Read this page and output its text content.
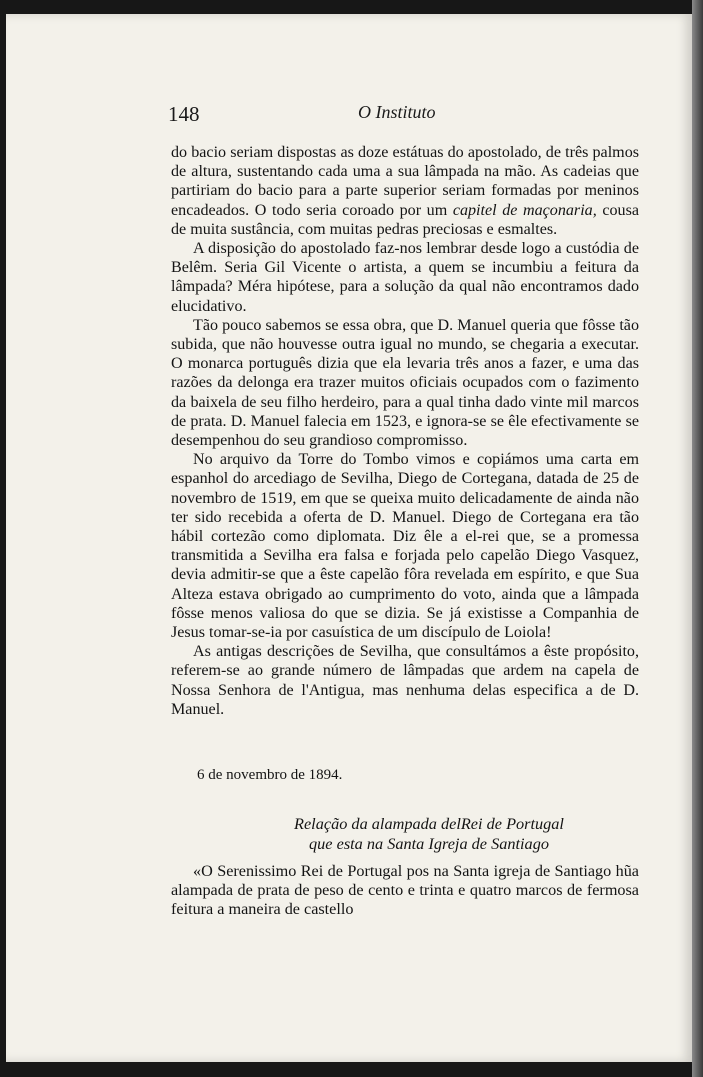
148	O Instituto

do bacio seriam dispostas as doze estátuas do apostolado, de três palmos de altura, sustentando cada uma a sua lâmpada na mão. As cadeias que partiriam do bacio para a parte superior seriam formadas por meninos encadeados. O todo seria coroado por um capitel de maçonaria, cousa de muita sustância, com muitas pedras preciosas e esmaltes.

A disposição do apostolado faz-nos lembrar desde logo a custódia de Belêm. Seria Gil Vicente o artista, a quem se incumbiu a feitura da lâmpada? Méra hipótese, para a solução da qual não encontramos dado elucidativo.

Tão pouco sabemos se essa obra, que D. Manuel queria que fôsse tão subida, que não houvesse outra igual no mundo, se chegaria a executar. O monarca português dizia que ela levaria três anos a fazer, e uma das razões da delonga era trazer muitos oficiais ocupados com o fazimento da baixela de seu filho herdeiro, para a qual tinha dado vinte mil marcos de prata. D. Manuel falecia em 1523, e ignora-se se êle efectivamente se desempenhou do seu grandioso compromisso.

No arquivo da Torre do Tombo vimos e copiámos uma carta em espanhol do arcediago de Sevilha, Diego de Cortegana, datada de 25 de novembro de 1519, em que se queixa muito delicadamente de ainda não ter sido recebida a oferta de D. Manuel. Diego de Cortegana era tão hábil cortezão como diplomata. Diz êle a el-rei que, se a promessa transmitida a Sevilha era falsa e forjada pelo capelão Diego Vasquez, devia admitir-se que a êste capelão fôra revelada em espírito, e que Sua Alteza estava obrigado ao cumprimento do voto, ainda que a lâmpada fôsse menos valiosa do que se dizia. Se já existisse a Companhia de Jesus tomar-se-ia por casuística de um discípulo de Loiola!

As antigas descrições de Sevilha, que consultámos a êste propósito, referem-se ao grande número de lâmpadas que ardem na capela de Nossa Senhora de l'Antigua, mas nenhuma delas especifica a de D. Manuel.

6 de novembro de 1894.
Relação da alampada delRei de Portugal
que esta na Santa Igreja de Santiago

«O Serenissimo Rei de Portugal pos na Santa igreja de Santiago hũa alampada de prata de peso de cento e trinta e quatro marcos de fermosa feitura a maneira de castello
